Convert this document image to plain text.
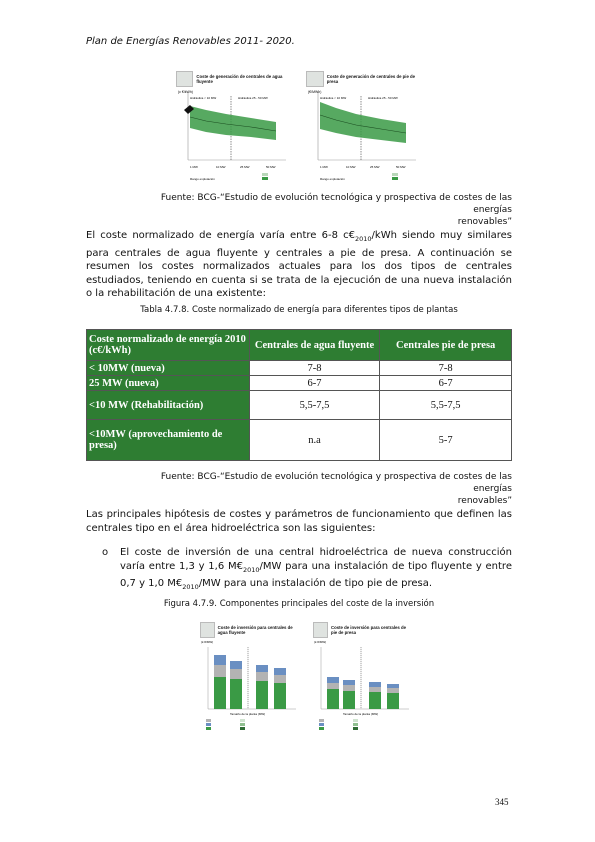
Plan de Energías Renovables 2011- 2020.
Coste de generación de centrales de agua fluyente
(c €/kWh)
Hidráulica < 10 MW	Hidráulica 25 - 50 MW
1 MW	10 MW	25 MW	50 MW
Rango explotación
Coste de generación de centrales de pie de presa
(€/MWh)
Hidráulica < 10 MW	Hidráulica 25 - 50 MW
1 MW	10 MW	25 MW	50 MW
Rango explotación
Fuente: BCG-“Estudio de evolución tecnológica y prospectiva de costes de las energías
renovables”
El coste normalizado de energía varía entre 6-8 $c€_{2010}$/kWh siendo muy similares para centrales de agua fluyente y centrales a pie de presa. A continuación se resumen los costes normalizados actuales para los dos tipos de centrales estudiados, teniendo en cuenta si se trata de la ejecución de una nueva instalación o la rehabilitación de una existente:
Tabla 4.7.8. Coste normalizado de energía para diferentes tipos de plantas
Coste normalizado de energía 2010 (c€/kWh)	Centrales de agua fluyente	Centrales pie de presa
< 10MW (nueva)	7-8	7-8
25 MW (nueva)	6-7	6-7
<10 MW (Rehabilitación)	5,5-7,5	5,5-7,5
<10MW (aprovechamiento de presa)	n.a	5-7
Fuente: BCG-“Estudio de evolución tecnológica y prospectiva de costes de las energías
renovables”
Las principales hipótesis de costes y parámetros de funcionamiento que definen las centrales tipo en el área hidroeléctrica son las siguientes:
o El coste de inversión de una central hidroeléctrica de nueva construcción varía entre 1,3 y 1,6 $M€_{2010}/MW$ para una instalación de tipo fluyente y entre 0,7 y 1,0 $M€_{2010}/MW$ para una instalación de tipo pie de presa.
Figura 4.7.9. Componentes principales del coste de la inversión
Coste de inversión para centrales de agua fluyente
(k €/MW)
Tamaño de la planta (MW)
Coste de inversión para centrales de pie de presa
(k €/MW)
Tamaño de la planta (MW)
345
